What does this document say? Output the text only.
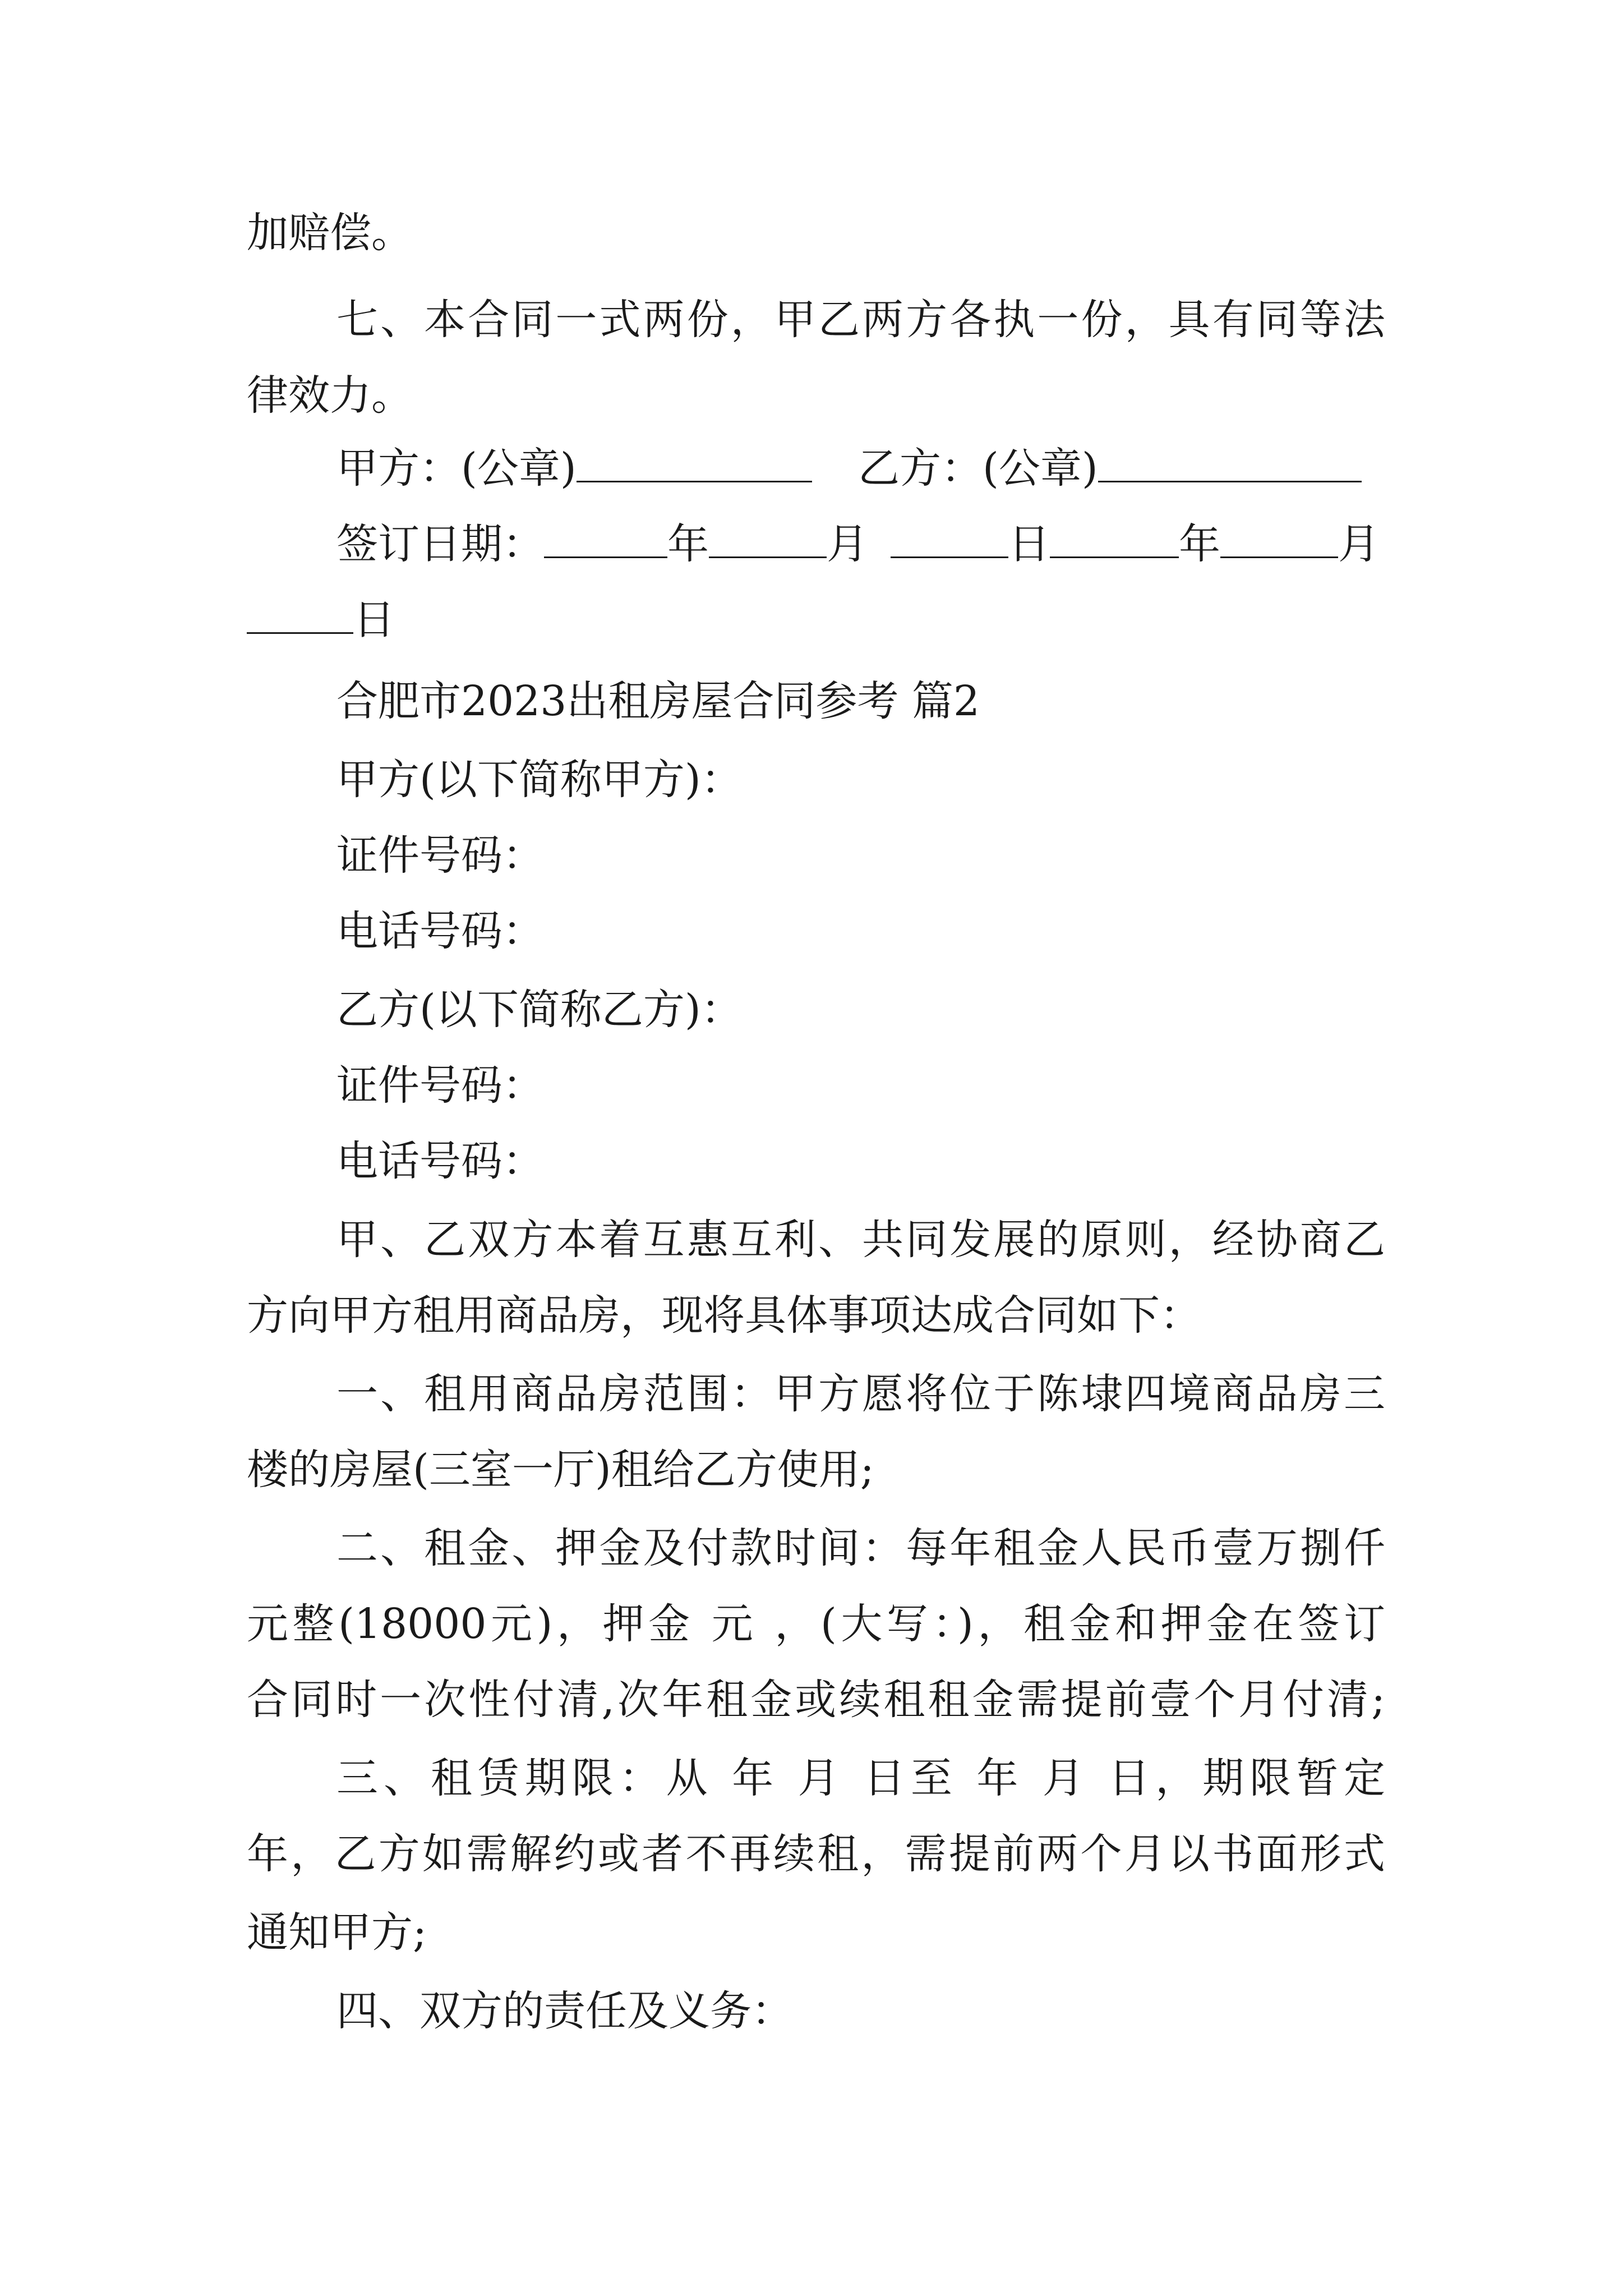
加赔偿。
七、本合同一式两份，甲乙两方各执一份，具有同等法
律效力。
甲方：(公章)	乙方：(公章)
签订日期：	年	月	日	年	月
日
合肥市2023出租房屋合同参考 篇2
甲方(以下简称甲方)：
证件号码：
电话号码：
乙方(以下简称乙方)：
证件号码：
电话号码：
甲、乙双方本着互惠互利、共同发展的原则，经协商乙
方向甲方租用商品房，现将具体事项达成合同如下：
一、租用商品房范围：甲方愿将位于陈埭四境商品房三
楼的房屋(三室一厅)租给乙方使用;
二、租金、押金及付款时间：每年租金人民币壹万捌仟
元整(18000元)，押金 元 ，(大写：)，租金和押金在签订
合同时一次性付清,次年租金或续租租金需提前壹个月付清;
三、租赁期限：从 年 月 日至 年 月 日，期限暂定
年，乙方如需解约或者不再续租，需提前两个月以书面形式
通知甲方;
四、双方的责任及义务：
